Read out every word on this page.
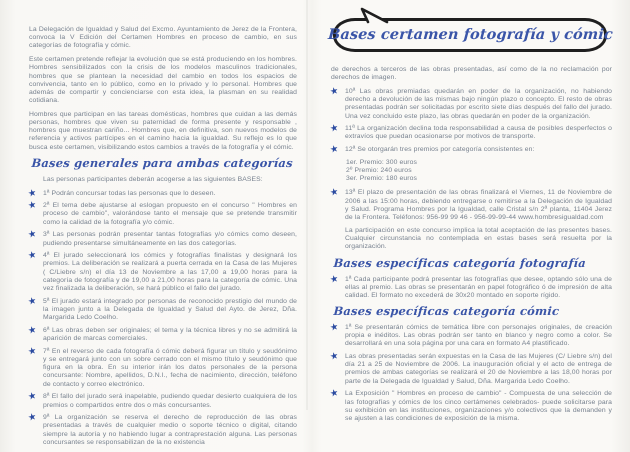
La Delegación de Igualdad y Salud del Excmo. Ayuntamiento de Jerez de la Frontera, convoca la V Edición del Certamen Hombres en proceso de cambio, en sus categorías de fotografía y cómic.

Este certamen pretende reflejar la evolución que se está produciendo en los hombres. Hombres sensibilizados con la crisis de los modelos masculinos tradicionales, hombres que se plantean la necesidad del cambio en todos los espacios de convivencia, tanto en lo público, como en lo privado y lo personal. Hombres que además de compartir y concienciarse con esta idea, la plasman en su realidad cotidiana.

Hombres que participan en las tareas domésticas, hombres que cuidan a las demás personas, hombres que viven su paternidad de forma presente y responsable , hombres que muestran cariño... Hombres que, en definitiva, son nuevos modelos de referencia y activos partícipes en el camino hacia la igualdad. Su reflejo es lo que busca este certamen, visibilizando estos cambios a través de la fotografía y el cómic.

Bases generales para ambas categorías

Las personas participantes deberán acogerse a las siguientes BASES:

★ 1ª Podrán concursar todas las personas que lo deseen.
★ 2ª El tema debe ajustarse al eslogan propuesto en el concurso " Hombres en proceso de cambio", valorándose tanto el mensaje que se pretende transmitir como la calidad de la fotografía y/o cómic.
★ 3ª Las personas podrán presentar tantas fotografías y/o cómics como deseen, pudiendo presentarse simultáneamente en las dos categorías.
★ 4ª El jurado seleccionará los cómics y fotografías finalistas y designará los premios. La deliberación se realizará a puerta cerrada en la Casa de las Mujeres ( C/Liebre s/n) el día 13 de Noviembre a las 17,00 a 19,00 horas para la categoría de fotografía y de 19,00 a 21,00 horas para la categoría de cómic. Una vez finalizada la deliberación, se hará público el fallo del jurado.
★ 5ª El jurado estará integrado por personas de reconocido prestigio del mundo de la imagen junto a la Delegada de Igualdad y Salud del Ayto. de Jerez, Dña. Margarida Ledo Coelho.
★ 6ª Las obras deben ser originales; el tema y la técnica libres y no se admitirá la aparición de marcas comerciales.
★ 7ª En el reverso de cada fotografía ó cómic deberá figurar un título y seudónimo y se entregará junto con un sobre cerrado con el mismo título y seudónimo que figura en la obra. En su interior irán los datos personales de la persona concursante: Nombre, apellidos, D.N.I., fecha de nacimiento, dirección, teléfono de contacto y correo electrónico.
★ 8ª El fallo del jurado será inapelable, pudiendo quedar desierto cualquiera de los premios o compartidos entre dos o más concursantes.
★ 9ª La organización se reserva el derecho de reproducción de las obras presentadas a través de cualquier medio o soporte técnico o digital, citando siempre la autoría y no habiendo lugar a contraprestación alguna. Las personas concursantes se responsabilizan de la no existencia
Bases certamen fotografía y cómic

de derechos a terceros de las obras presentadas, así como de la no reclamación por derechos de imagen.

★ 10ª Las obras premiadas quedarán en poder de la organización, no habiendo derecho a devolución de las mismas bajo ningún plazo o concepto. El resto de obras presentadas podrán ser solicitadas por escrito siete días después del fallo del jurado. Una vez concluido este plazo, las obras quedarán en poder de la organización.
★ 11ª La organización declina toda responsabilidad a causa de posibles desperfectos o extravíos que puedan ocasionarse por motivos de transporte.
★ 12ª Se otorgarán tres premios por categoría consistentes en:

1er. Premio: 300 euros

2º Premio: 240 euros

3er. Premio: 180 euros

★ 13ª El plazo de presentación de las obras finalizará el Viernes, 11 de Noviembre de 2006 a las 15:00 horas, debiendo entregarse o remitirse a la Delegación de Igualdad y Salud. Programa Hombres por la Igualdad, calle Cristal s/n 2ª planta, 11404 Jerez de la Frontera. Teléfonos: 956-99 99 46 - 956-99-99-44 www.hombresigualdad.com

La participación en este concurso implica la total aceptación de las presentes bases. Cualquier circunstancia no contemplada en estas bases será resuelta por la organización.

Bases específicas categoría fotografía
★ 1ª Cada participante podrá presentar las fotografías que desee, optando sólo una de ellas al premio. Las obras se presentarán en papel fotográfico ó de impresión de alta calidad. El formato no excederá de 30x20 montado en soporte rígido.
Bases específicas categoría cómic
★ 1ª Se presentarán cómics de temática libre con personajes originales, de creación propia e inéditos. Las obras podrán ser tanto en blanco y negro como a color. Se desarrollará en una sola página por una cara en formato A4 plastificado.
★ Las obras presentadas serán expuestas en la Casa de las Mujeres (C/ Liebre s/n) del día 21 a 25 de Noviembre de 2006. La inauguración oficial y el acto de entrega de premios de ambas categorías se realizará el 20 de Noviembre a las 18,00 horas por parte de la Delegada de Igualdad y Salud, Dña. Margarida Ledo Coelho.
★ La Exposición " Hombres en proceso de cambio" - Compuesta de una selección de las fotografías y cómics de los cinco certámenes celebrados- puede solicitarse para su exhibición en las instituciones, organizaciones y/o colectivos que la demanden y se ajusten a las condiciones de exposición de la misma.
